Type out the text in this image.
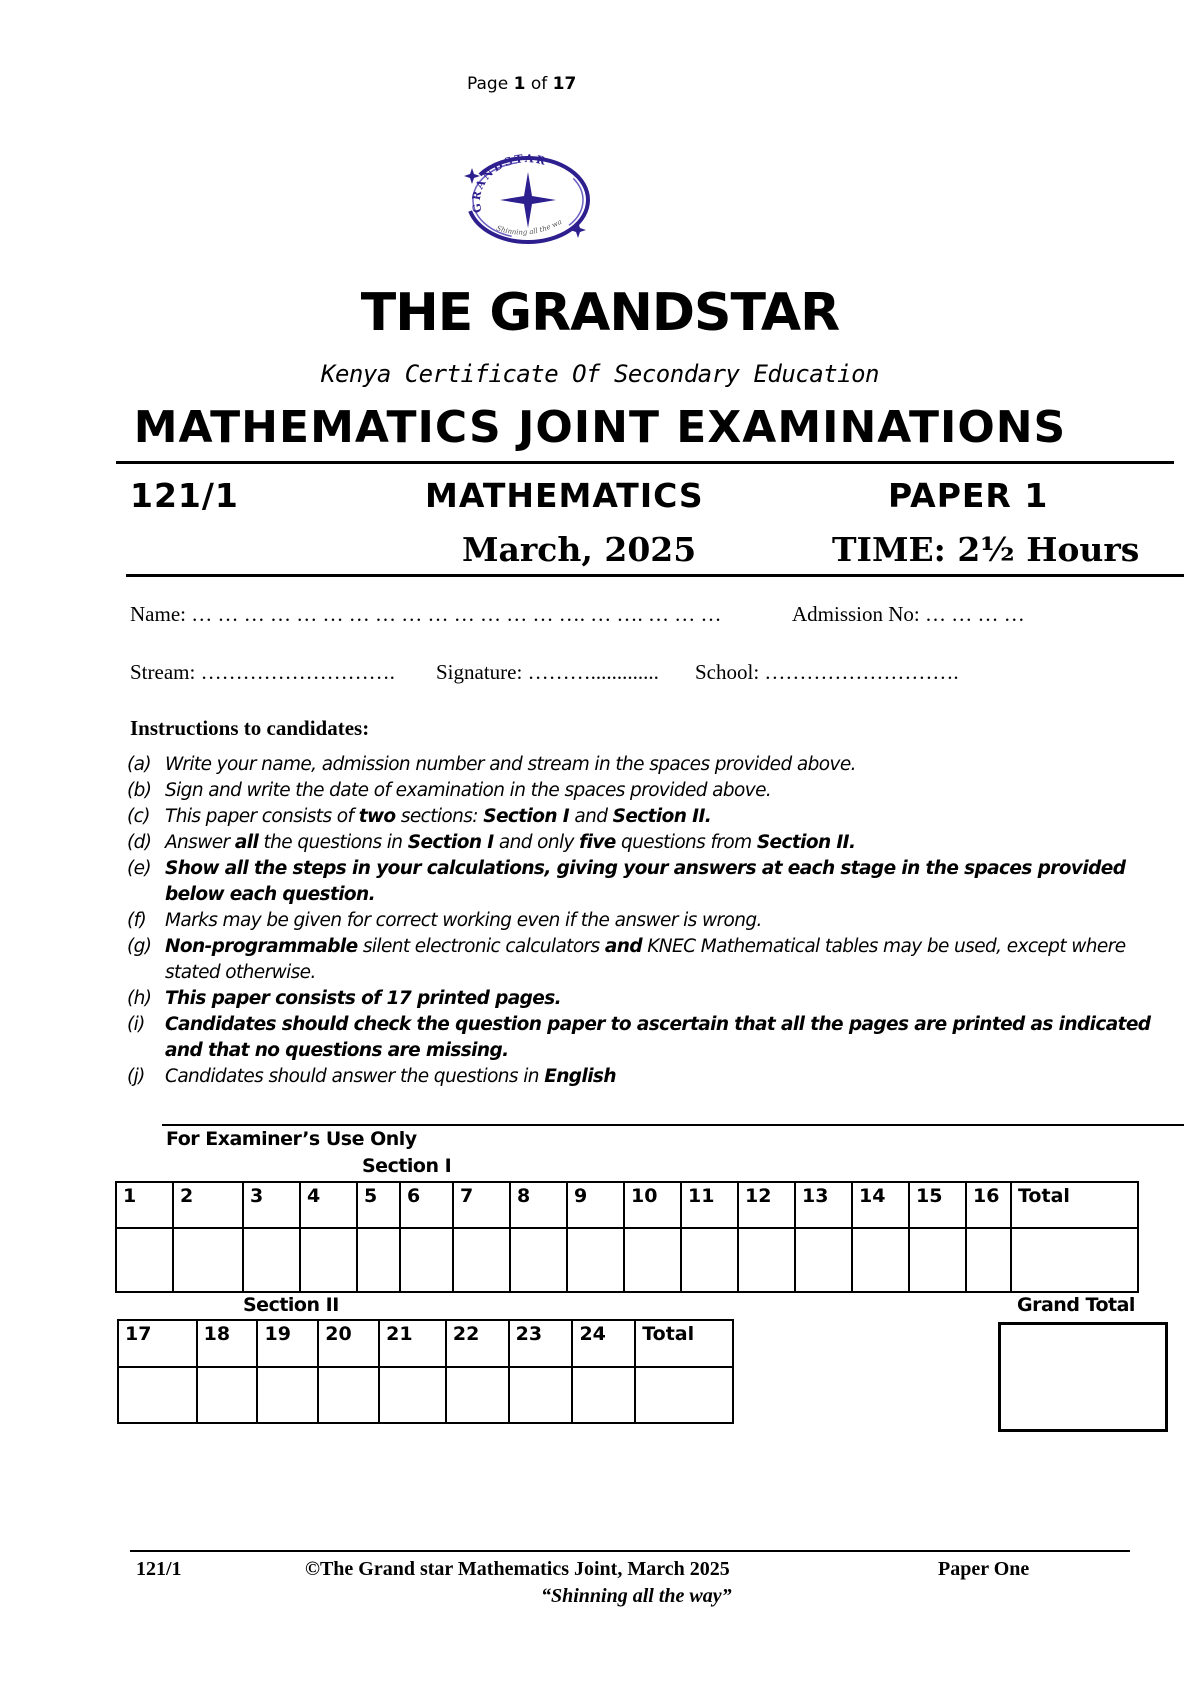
Page 1 of 17
GRANDSTAR
Shinning all the wa
THE GRANDSTAR
Kenya Certificate Of Secondary Education
MATHEMATICS JOINT EXAMINATIONS
121/1	MATHEMATICS	PAPER 1
March, 2025	TIME: 2½ Hours
Name: … … … … … … … … … … … … … … …. … …. … … …	Admission No: … … … …
Stream: ………………………. Signature: ………............. School: ……………………….
Instructions to candidates:
(a) Write your name, admission number and stream in the spaces provided above.
(b) Sign and write the date of examination in the spaces provided above.
(c) This paper consists of two sections: Section I and Section II.
(d) Answer all the questions in Section I and only five questions from Section II.
(e) Show all the steps in your calculations, giving your answers at each stage in the spaces provided below each question.
(f)	Marks may be given for correct working even if the answer is wrong.
(g) Non-programmable silent electronic calculators and KNEC Mathematical tables may be used, except where stated otherwise.
(h) This paper consists of 17 printed pages.
(i)	Candidates should check the question paper to ascertain that all the pages are printed as indicated and that no questions are missing.
(j)	Candidates should answer the questions in English
For Examiner’s Use Only
Section I
1	2	3	4	5	6	7	8	9	10	11	12	13	14	15	16	Total

Section II	Grand Total
17	18	19	20	21	22	23	24	Total

121/1	©The Grand star Mathematics Joint, March 2025	Paper One
“Shinning all the way”
